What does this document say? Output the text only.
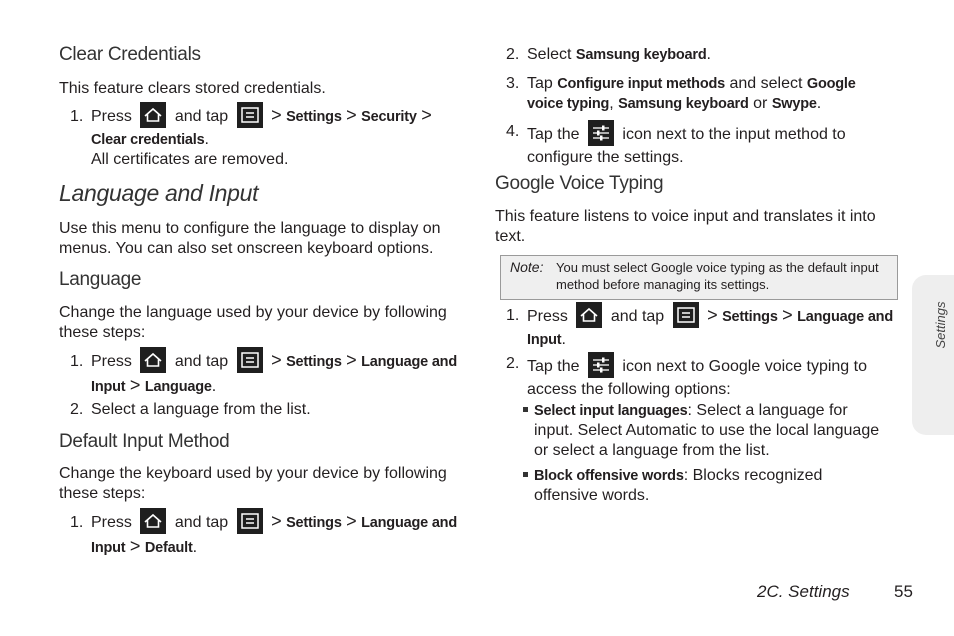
Clear Credentials
This feature clears stored credentials.
1. Press	and tap > Settings > Security >
Clear credentials.
All certificates are removed.
Language and Input
Use this menu to configure the language to display on menus. You can also set onscreen keyboard options.
Language
Change the language used by your device by following these steps:
1. Press	and tap > Settings > Language and
Input > Language.
2. Select a language from the list.
Default Input Method
Change the keyboard used by your device by following these steps:
1. Press	and tap > Settings > Language and
Input > Default.
2. Select Samsung keyboard.
3. Tap Configure input methods and select Google
voice typing, Samsung keyboard or Swype.
4. Tap the	icon next to the input method to
configure the settings.
Google Voice Typing
This feature listens to voice input and translates it into text.
1. Press	and tap > Settings > Language and
Input.
2. Tap the	icon next to Google voice typing to
access the following options:
Select input languages: Select a language for
input. Select Automatic to use the local language
or select a language from the list.
Block offensive words: Blocks recognized
offensive words.
Note: You must select Google voice typing as the default input method before managing its settings.
Settings
2C. Settings	55
